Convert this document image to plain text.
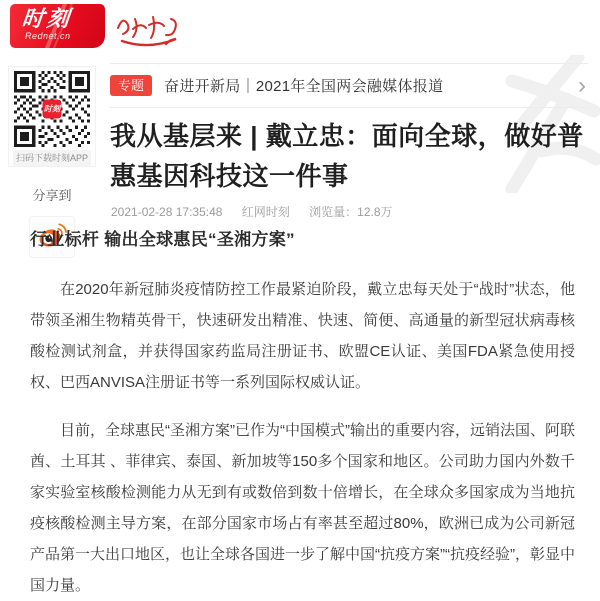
时刻
Rednet.cn
时刻
扫码下载时刻APP
分享到
专题	奋进开新局｜2021年全国两会融媒体报道	›
我从基层来 | 戴立忠：面向全球，做好普惠基因科技这一件事
2021-02-28 17:35:48 红网时刻 浏览量：12.8万
行业标杆 输出全球惠民“圣湘方案”

在2020年新冠肺炎疫情防控工作最紧迫阶段，戴立忠每天处于“战时”状态，他带领圣湘生物精英骨干，快速研发出精准、快速、简便、高通量的新型冠状病毒核酸检测试剂盒，并获得国家药监局注册证书、欧盟CE认证、美国FDA紧急使用授权、巴西ANVISA注册证书等一系列国际权威认证。

目前，全球惠民“圣湘方案”已作为“中国模式”输出的重要内容，远销法国、阿联酋、土耳其 、菲律宾、泰国、新加坡等150多个国家和地区。公司助力国内外数千家实验室核酸检测能力从无到有或数倍到数十倍增长，在全球众多国家成为当地抗疫核酸检测主导方案，在部分国家市场占有率甚至超过80%，欧洲已成为公司新冠产品第一大出口地区，也让全球各国进一步了解中国“抗疫方案”“抗疫经验”，彰显中国力量。
